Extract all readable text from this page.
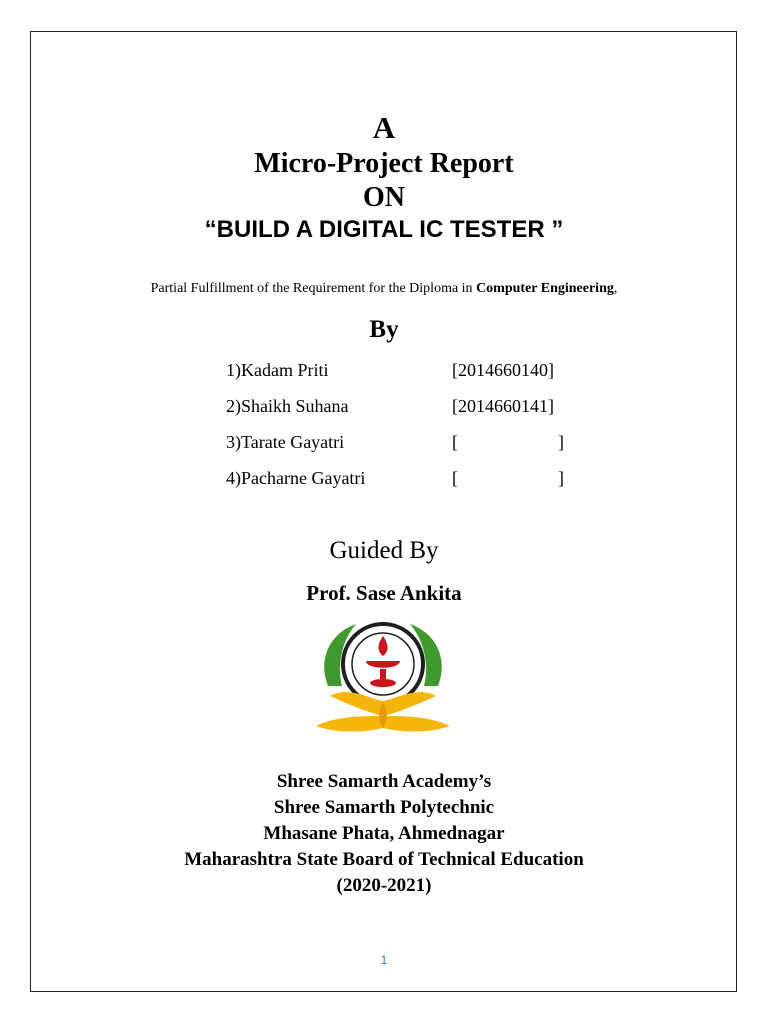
A
Micro-Project Report
ON
“BUILD A DIGITAL IC TESTER ”
Partial Fulfillment of the Requirement for the Diploma in Computer Engineering,
By
1)Kadam Priti	[2014660140]
2)Shaikh Suhana	[2014660141]
3)Tarate Gayatri	[	]
4)Pacharne Gayatri	[	]
Guided By
Prof. Sase Ankita
Shree Samarth Academy’s
Shree Samarth Polytechnic
Mhasane Phata, Ahmednagar
Maharashtra State Board of Technical Education
(2020-2021)
1
